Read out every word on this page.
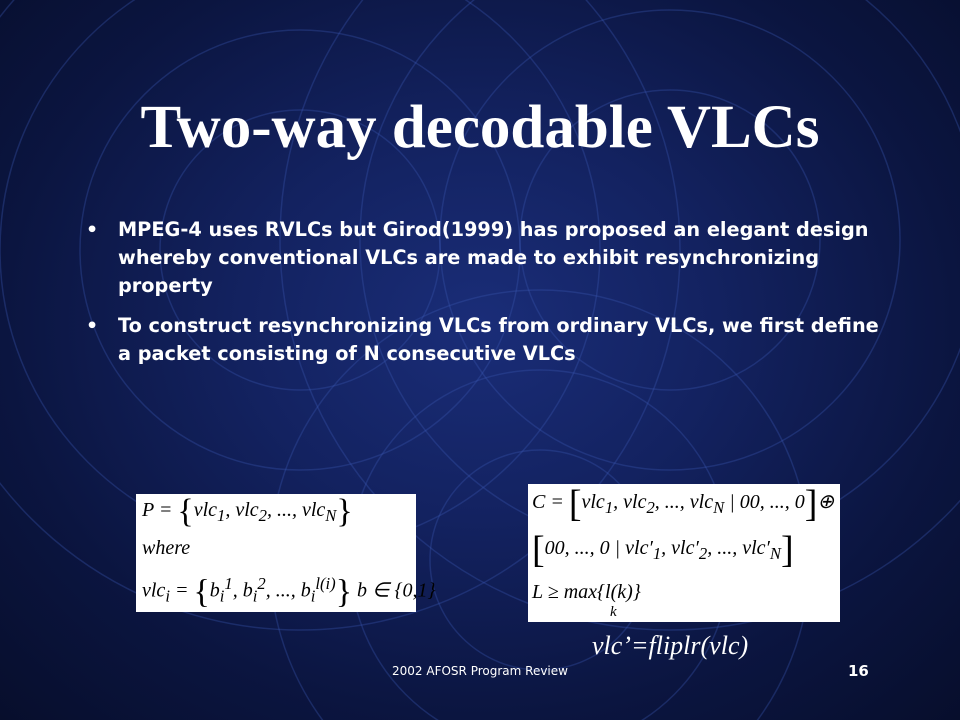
Two-way decodable VLCs
• MPEG-4 uses RVLCs but Girod(1999) has proposed an elegant design whereby conventional VLCs are made to exhibit resynchronizing property
• To construct resynchronizing VLCs from ordinary VLCs, we first define a packet consisting of N consecutive VLCs
P = {vlc$_1$, vlc$_2$, ..., vlc$_N$}
where
$vlc_i = \{b_i^1$, $b_i^2$, ..., $b_i^{l(i)}$} b ∈ {0,1}
C = [vlc$_1$, vlc$_2$, ..., vlc$_N$ | 00, ..., 0]⊕
[00, ..., 0 | $vlc'_1$, $vlc'_2$, ..., $vlc'_N$]
L ≥ max{l(k)}
k
vlc’=fliplr(vlc)
2002 AFOSR Program Review	16
